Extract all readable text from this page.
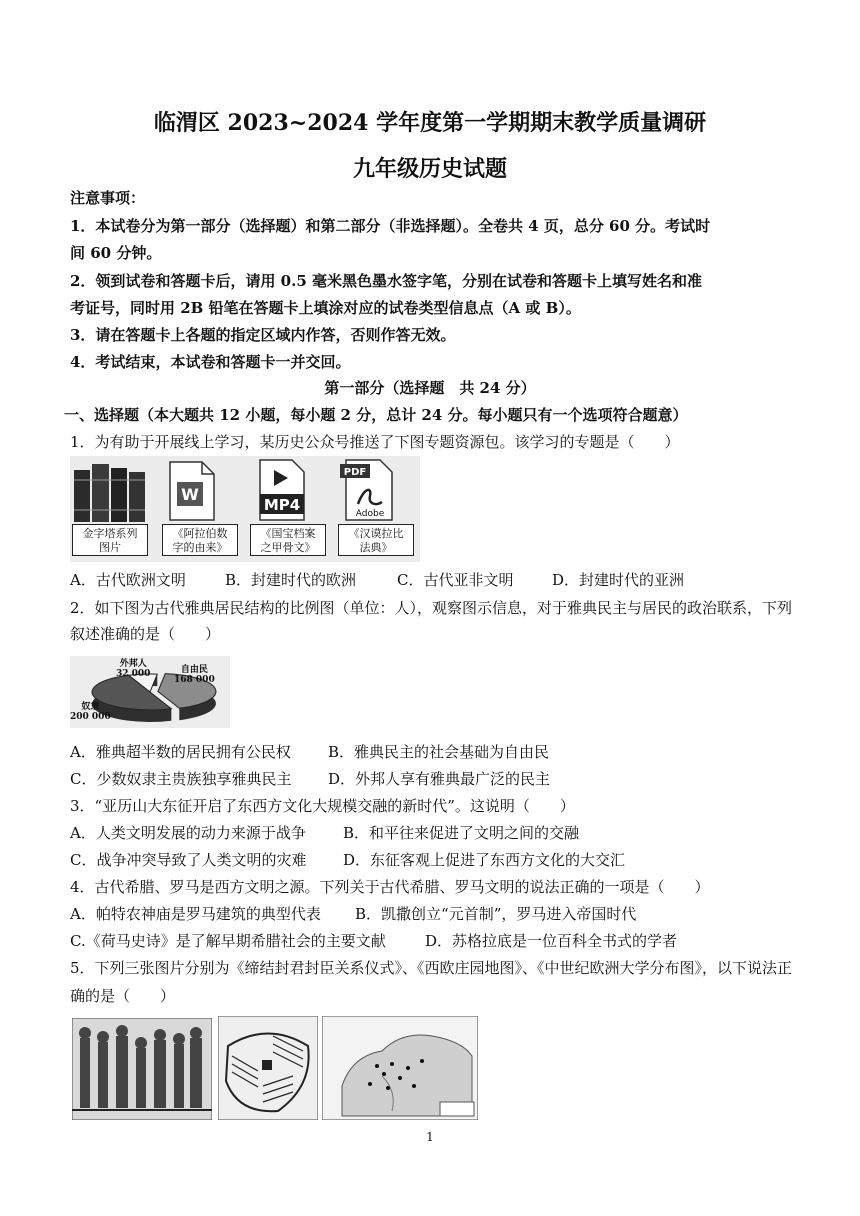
临渭区 2023~2024 学年度第一学期期末教学质量调研
九年级历史试题
注意事项：
1．本试卷分为第一部分（选择题）和第二部分（非选择题）。全卷共 4 页，总分 60 分。考试时
间 60 分钟。
2．领到试卷和答题卡后，请用 0.5 毫米黑色墨水签字笔，分别在试卷和答题卡上填写姓名和准
考证号，同时用 2B 铅笔在答题卡上填涂对应的试卷类型信息点（A 或 B）。
3．请在答题卡上各题的指定区域内作答，否则作答无效。
4．考试结束，本试卷和答题卡一并交回。
第一部分（选择题　共 24 分）
一、选择题（本大题共 12 小题，每小题 2 分，总计 24 分。每小题只有一个选项符合题意）
1．为有助于开展线上学习，某历史公众号推送了下图专题资源包。该学习的专题是（　　）
W
MP4
PDF
Adobe
金字塔系列
图片
《阿拉伯数
字的由来》
《国宝档案
之甲骨文》
《汉谟拉比
法典》
A．古代欧洲文明	B．封建时代的欧洲	C．古代亚非文明	D．封建时代的亚洲
2．如下图为古代雅典居民结构的比例图（单位：人），观察图示信息，对于雅典民主与居民的政治联系，下列
叙述准确的是（　　）
外邦人
32 000	自由民
168 000
奴隶
200 000
A．雅典超半数的居民拥有公民权 B．雅典民主的社会基础为自由民
C．少数奴隶主贵族独享雅典民主 D．外邦人享有雅典最广泛的民主
3．“亚历山大东征开启了东西方文化大规模交融的新时代”。这说明（　　）
A．人类文明发展的动力来源于战争 B．和平往来促进了文明之间的交融
C．战争冲突导致了人类文明的灾难 D．东征客观上促进了东西方文化的大交汇
4．古代希腊、罗马是西方文明之源。下列关于古代希腊、罗马文明的说法正确的一项是（　　）
A．帕特农神庙是罗马建筑的典型代表 B．凯撒创立“元首制”，罗马进入帝国时代
C.《荷马史诗》是了解早期希腊社会的主要文献	D．苏格拉底是一位百科全书式的学者
5．下列三张图片分别为《缔结封君封臣关系仪式》、《西欧庄园地图》、《中世纪欧洲大学分布图》，以下说法正
确的是（　　）
1
